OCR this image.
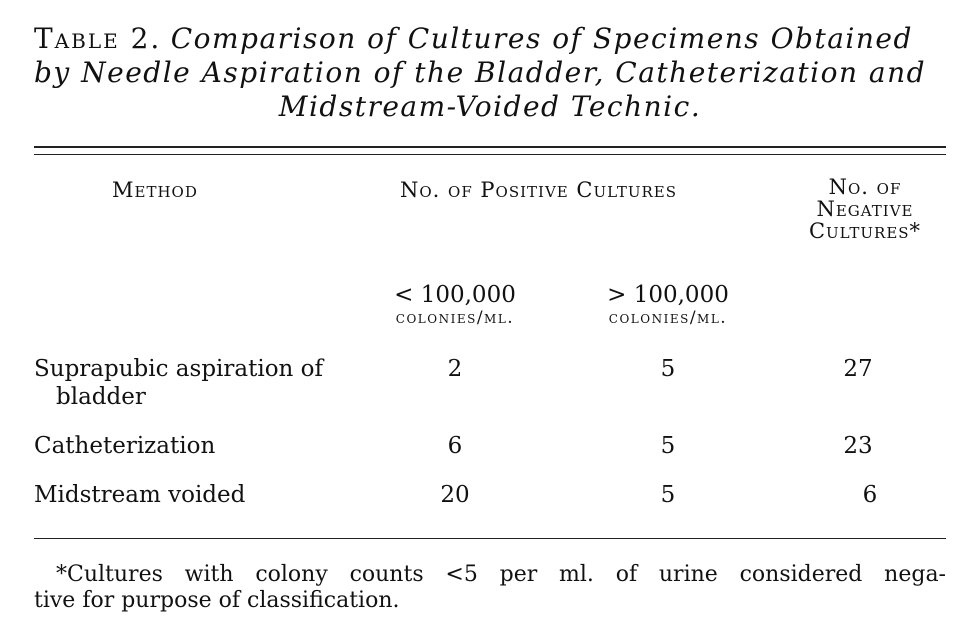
Table 2. Comparison of Cultures of Specimens Obtained
by Needle Aspiration of the Bladder, Catheterization and
Midstream-Voided Technic.
Method	No. of Positive Cultures	No. of
Negative
Cultures*
< 100,000
colonies/ml.
> 100,000
colonies/ml.
Suprapubic aspiration of
bladder
2	5	27
Catheterization	6	5	23
Midstream voided	20	5	6
*Cultures with colony counts <5 per ml. of urine considered nega-
tive for purpose of classification.
